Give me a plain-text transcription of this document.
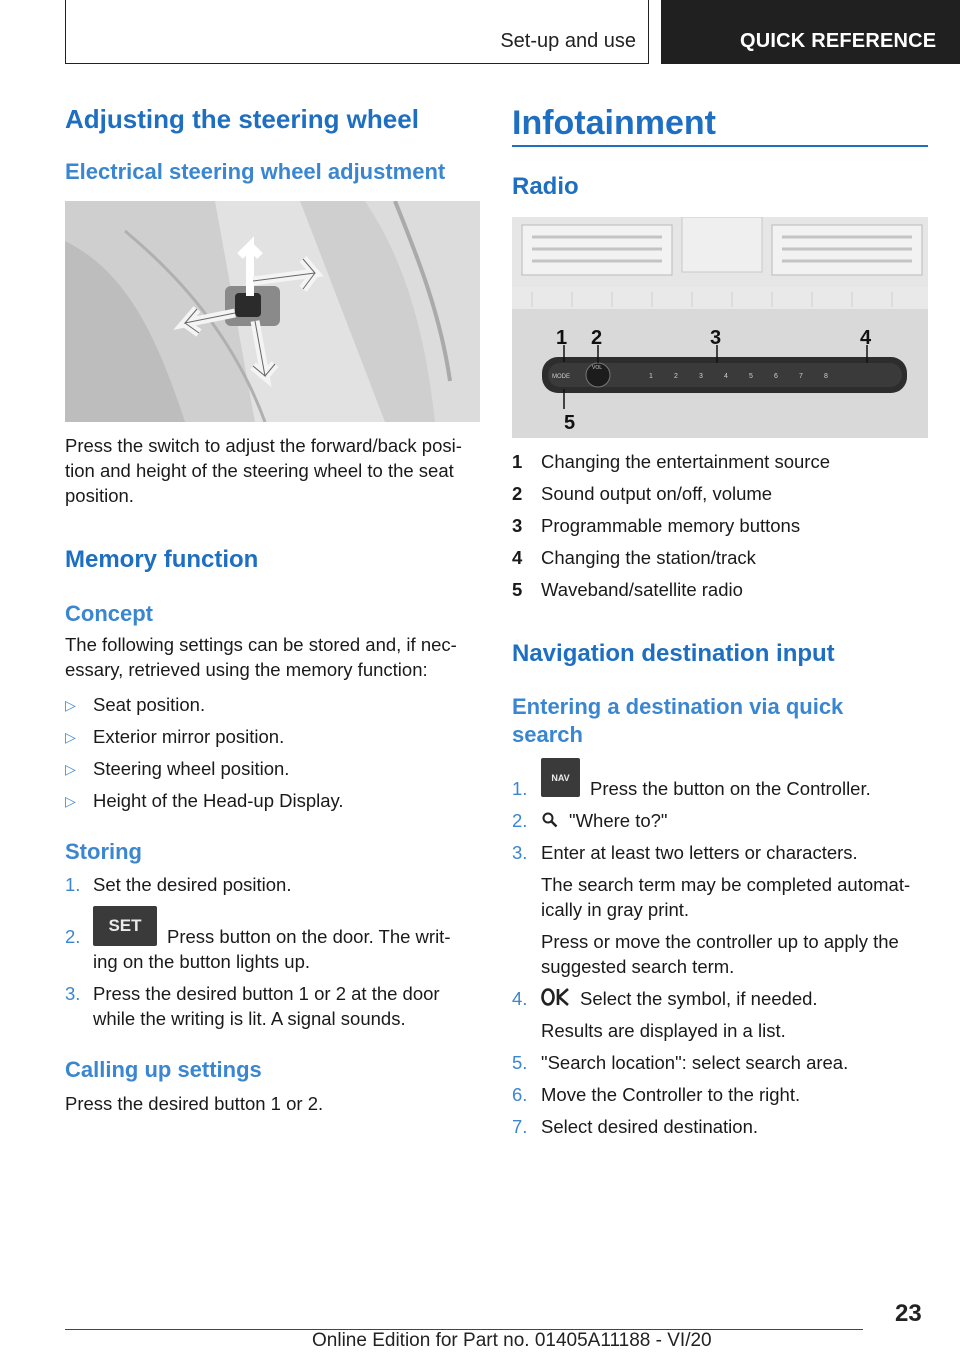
Set-up and use	QUICK REFERENCE
Adjusting the steering wheel
Electrical steering wheel adjustment
Press the switch to adjust the forward/back posi-
tion and height of the steering wheel to the seat
position.
Memory function
Concept
The following settings can be stored and, if nec-
essary, retrieved using the memory function:
▷ Seat position.
▷ Exterior mirror position.
▷ Steering wheel position.
▷ Height of the Head-up Display.
Storing
1. Set the desired position.
2.
SET
Press button on the door. The writ-
ing on the button lights up.
3. Press the desired button 1 or 2 at the door
while the writing is lit. A signal sounds.
Calling up settings
Press the desired button 1 or 2.
Infotainment
Radio
MODE
VOL
1	2	3	4	5	6	7	8
1 2	3	4
5
1 Changing the entertainment source
2 Sound output on/off, volume
3 Programmable memory buttons
4 Changing the station/track
5 Waveband/satellite radio
Navigation destination input
Entering a destination via quick
search
1.
NAV
Press the button on the Controller.
2. "Where to?"
3. Enter at least two letters or characters.
The search term may be completed automat-
ically in gray print.
Press or move the controller up to apply the
suggested search term.
4.	Select the symbol, if needed.
Results are displayed in a list.
5. "Search location": select search area.
6. Move the Controller to the right.
7. Select desired destination.
23
Online Edition for Part no. 01405A11188 - VI/20
